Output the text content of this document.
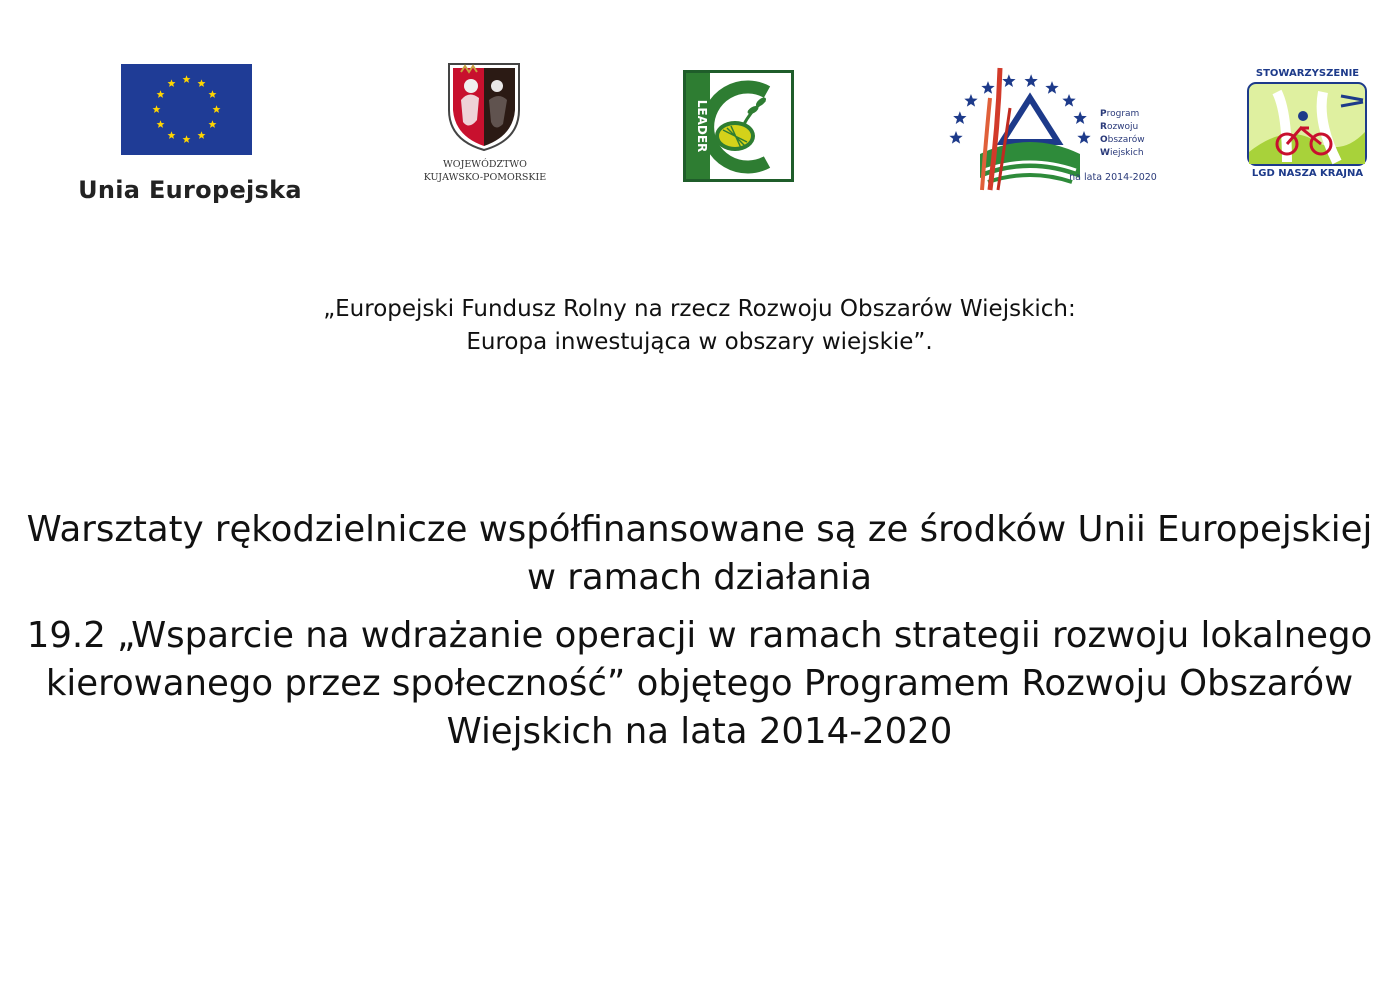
Unia Europejska
WOJEWÓDZTWO
KUJAWSKO-POMORSKIE
LEADER	Program
Rozwoju
Obszarów
Wiejskich
na lata 2014-2020
STOWARZYSZENIE
LGD NASZA KRAJNA
„Europejski Fundusz Rolny na rzecz Rozwoju Obszarów Wiejskich:
Europa inwestująca w obszary wiejskie”.

Warsztaty rękodzielnicze współfinansowane są ze środków Unii Europejskiej w ramach działania

19.2 „Wsparcie na wdrażanie operacji w ramach strategii rozwoju lokalnego kierowanego przez społeczność” objętego Programem Rozwoju Obszarów Wiejskich na lata 2014-2020
